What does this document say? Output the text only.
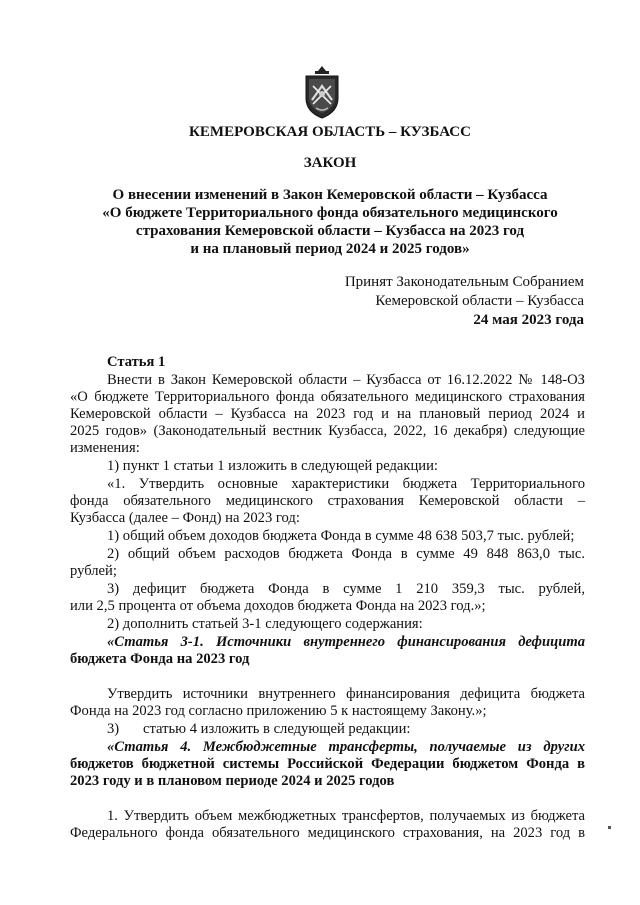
КЕМЕРОВСКАЯ ОБЛАСТЬ – КУЗБАСС
ЗАКОН
О внесении изменений в Закон Кемеровской области – Кузбасса
«О бюджете Территориального фонда обязательного медицинского
страхования Кемеровской области – Кузбасса на 2023 год
и на плановый период 2024 и 2025 годов»
Принят Законодательным Собранием
Кемеровской области – Кузбасса
24 мая 2023 года
Статья 1
Внести в Закон Кемеровской области – Кузбасса от 16.12.2022 № 148-ОЗ
«О бюджете Территориального фонда обязательного медицинского страхования
Кемеровской области – Кузбасса на 2023 год и на плановый период 2024 и
2025 годов» (Законодательный вестник Кузбасса, 2022, 16 декабря) следующие
изменения:
1) пункт 1 статьи 1 изложить в следующей редакции:
«1. Утвердить основные характеристики бюджета Территориального
фонда обязательного медицинского страхования Кемеровской области –
Кузбасса (далее – Фонд) на 2023 год:
1) общий объем доходов бюджета Фонда в сумме 48 638 503,7 тыс. рублей;
2) общий объем расходов бюджета Фонда в сумме 49 848 863,0 тыс.
рублей;
3) дефицит бюджета Фонда в сумме 1 210 359,3 тыс. рублей,
или 2,5 процента от объема доходов бюджета Фонда на 2023 год.»;
2) дополнить статьей 3-1 следующего содержания:
«Статья 3-1. Источники внутреннего финансирования дефицита
бюджета Фонда на 2023 год
Утвердить источники внутреннего финансирования дефицита бюджета
Фонда на 2023 год согласно приложению 5 к настоящему Закону.»;
3) статью 4 изложить в следующей редакции:
«Статья 4. Межбюджетные трансферты, получаемые из других
бюджетов бюджетной системы Российской Федерации бюджетом Фонда в
2023 году и в плановом периоде 2024 и 2025 годов
1. Утвердить объем межбюджетных трансфертов, получаемых из бюджета
Федерального фонда обязательного медицинского страхования, на 2023 год в
